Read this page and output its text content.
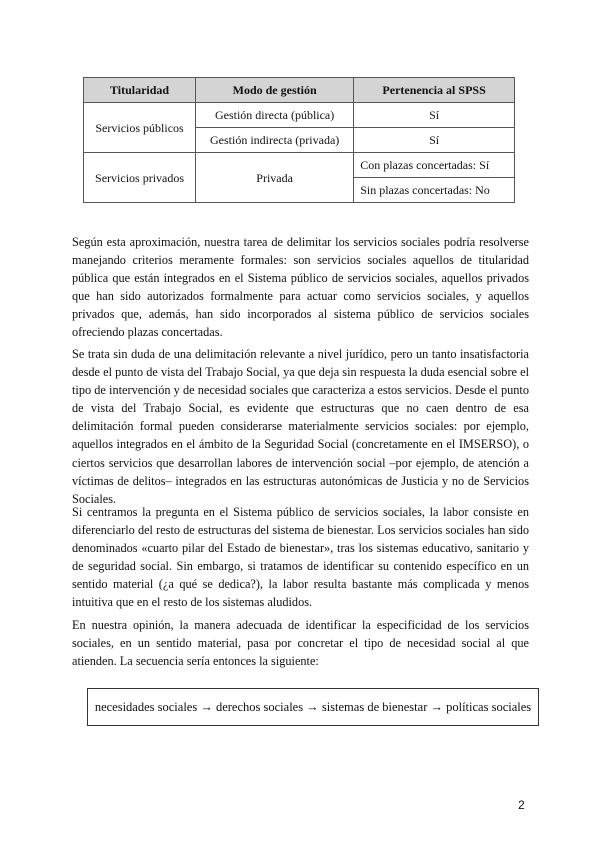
Titularidad	Modo de gestión	Pertenencia al SPSS
Servicios públicos	Gestión directa (pública)	Sí
	Gestión indirecta (privada)	Sí
Servicios privados	Privada	Con plazas concertadas: Sí
		Sin plazas concertadas: No

Según esta aproximación, nuestra tarea de delimitar los servicios sociales podría resolverse manejando criterios meramente formales: son servicios sociales aquellos de titularidad pública que están integrados en el Sistema público de servicios sociales, aquellos privados que han sido autorizados formalmente para actuar como servicios sociales, y aquellos privados que, además, han sido incorporados al sistema público de servicios sociales ofreciendo plazas concertadas.

Se trata sin duda de una delimitación relevante a nivel jurídico, pero un tanto insatisfactoria desde el punto de vista del Trabajo Social, ya que deja sin respuesta la duda esencial sobre el tipo de intervención y de necesidad sociales que caracteriza a estos servicios. Desde el punto de vista del Trabajo Social, es evidente que estructuras que no caen dentro de esa delimitación formal pueden considerarse materialmente servicios sociales: por ejemplo, aquellos integrados en el ámbito de la Seguridad Social (concretamente en el IMSERSO), o ciertos servicios que desarrollan labores de intervención social –por ejemplo, de atención a víctimas de delitos– integrados en las estructuras autonómicas de Justicia y no de Servicios Sociales.

Si centramos la pregunta en el Sistema público de servicios sociales, la labor consiste en diferenciarlo del resto de estructuras del sistema de bienestar. Los servicios sociales han sido denominados «cuarto pilar del Estado de bienestar», tras los sistemas educativo, sanitario y de seguridad social. Sin embargo, si tratamos de identificar su contenido específico en un sentido material (¿a qué se dedica?), la labor resulta bastante más complicada y menos intuitiva que en el resto de los sistemas aludidos.

En nuestra opinión, la manera adecuada de identificar la especificidad de los servicios sociales, en un sentido material, pasa por concretar el tipo de necesidad social al que atienden. La secuencia sería entonces la siguiente:

necesidades sociales → derechos sociales → sistemas de bienestar → políticas sociales
2
